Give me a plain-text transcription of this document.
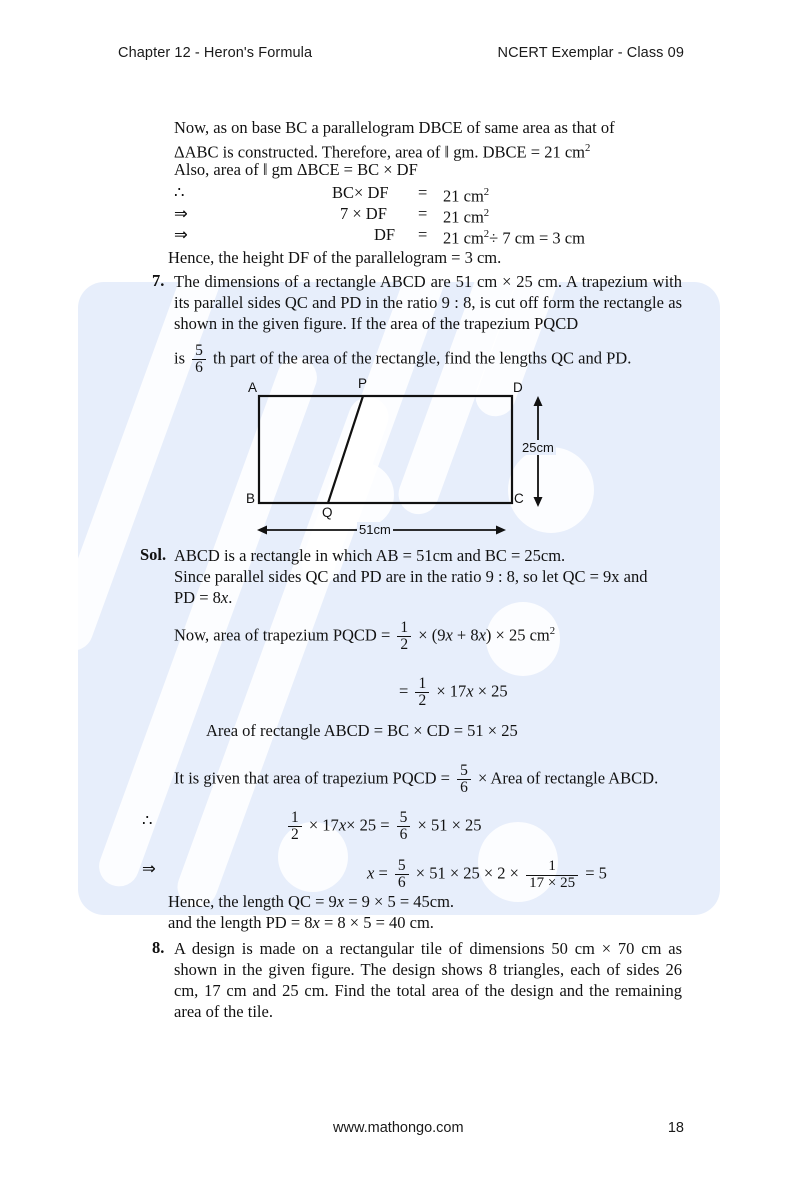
Chapter 12 - Heron's Formula	NCERT Exemplar - Class 09
Now, as on base BC a parallelogram DBCE of same area as that of
ΔABC is constructed. Therefore, area of ‖ gm. DBCE = 21 $cm^2$
Also, area of ‖ gm ΔBCE = BC × DF
∴	BC× DF = 21 $cm^2$
⇒	7 × DF = 21 $cm^2$
⇒	DF = 21 $cm^2\div 7$ cm = 3 cm
Hence, the height DF of the parallelogram = 3 cm.
7. The dimensions of a rectangle ABCD are 51 cm × 25 cm. A trapezium with its parallel sides QC and PD in the ratio 9 : 8, is cut off form the rectangle as shown in the given figure. If the area of the trapezium PQCD
is $\frac{5}{6}$ th part of the area of the rectangle, find the lengths QC and PD.
A	P	D
B
Q
C
25cm
51cm
Sol. ABCD is a rectangle in which AB = 51cm and BC = 25cm.
Since parallel sides QC and PD are in the ratio 9 : 8, so let QC = 9x and
PD = 8x.
Now, area of trapezium PQCD = $\frac{1}{2} \times (9x + 8x) \times 25$ $cm^2$
= $\frac{1}{2} \times 17x \times 25$
Area of rectangle ABCD = BC × CD = 51 × 25
It is given that area of trapezium PQCD = $\frac{5}{6}$ × Area of rectangle ABCD.
∴	$\frac{1}{2} \times 17x\times 25 = \frac{5}{6} \times 51 \times 25$
⇒	$x = \frac{5}{6} \times 51 \times 25 \times 2 \times \frac{1}{17 \times 25} = 5$
Hence, the length QC = 9x = 9 × 5 = 45cm.
and the length PD = 8x = 8 × 5 = 40 cm.
8. A design is made on a rectangular tile of dimensions 50 cm × 70 cm as shown in the given figure. The design shows 8 triangles, each of sides 26 cm, 17 cm and 25 cm. Find the total area of the design and the remaining area of the tile.
www.mathongo.com	18
